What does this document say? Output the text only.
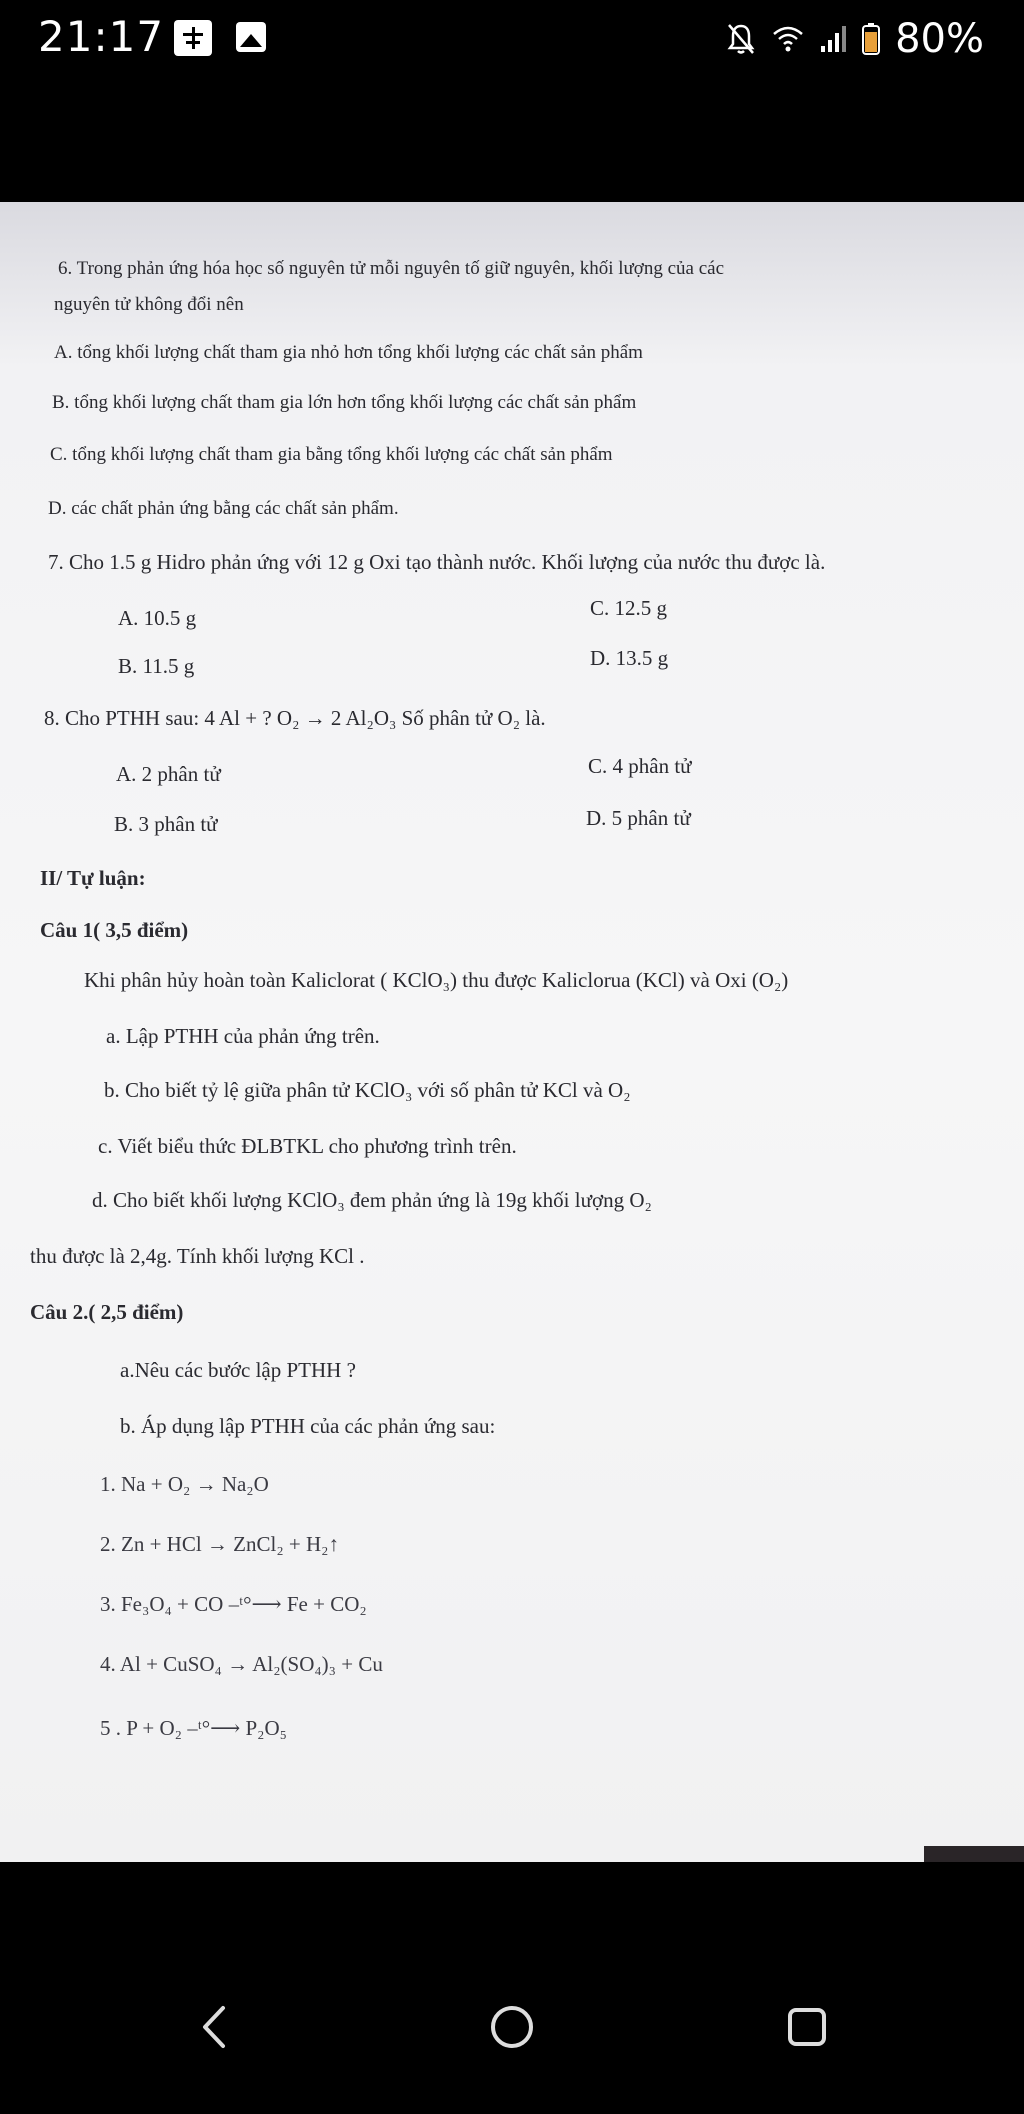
21:17	80%
6. Trong phản ứng hóa học số nguyên tử mỗi nguyên tố giữ nguyên, khối lượng của các
nguyên tử không đổi nên
A. tổng khối lượng chất tham gia nhỏ hơn tổng khối lượng các chất sản phẩm
B. tổng khối lượng chất tham gia lớn hơn tổng khối lượng các chất sản phẩm
C. tổng khối lượng chất tham gia bằng tổng khối lượng các chất sản phẩm
D. các chất phản ứng bằng các chất sản phẩm.
7. Cho 1.5 g Hidro phản ứng với 12 g Oxi tạo thành nước. Khối lượng của nước thu được là.
A. 10.5 g	C. 12.5 g
B. 11.5 g	D. 13.5 g
8. Cho PTHH sau: 4 Al + ? O₂ → 2 Al₂O₃ Số phân tử O₂ là.
A. 2 phân tử	C. 4 phân tử
B. 3 phân tử	D. 5 phân tử
II/ Tự luận:
Câu 1( 3,5 điểm)
Khi phân hủy hoàn toàn Kaliclorat ( KClO₃) thu được Kaliclorua (KCl) và Oxi (O₂)
a. Lập PTHH của phản ứng trên.
b. Cho biết tỷ lệ giữa phân tử KClO₃ với số phân tử KCl và O₂
c. Viết biểu thức ĐLBTKL cho phương trình trên.
d. Cho biết khối lượng KClO₃ đem phản ứng là 19g khối lượng O₂
thu được là 2,4g. Tính khối lượng KCl .
Câu 2.( 2,5 điểm)
a.Nêu các bước lập PTHH ?
b. Áp dụng lập PTHH của các phản ứng sau:
1. Na + O₂ → Na₂O
2. Zn + HCl → ZnCl₂ + H₂↑
3. Fe₃O₄ + CO ⎯ᵗ°⟶ Fe + CO₂
4. Al + CuSO₄ → Al₂(SO₄)₃ + Cu
5 . P + O₂ ⎯ᵗ°⟶ P₂O₅
